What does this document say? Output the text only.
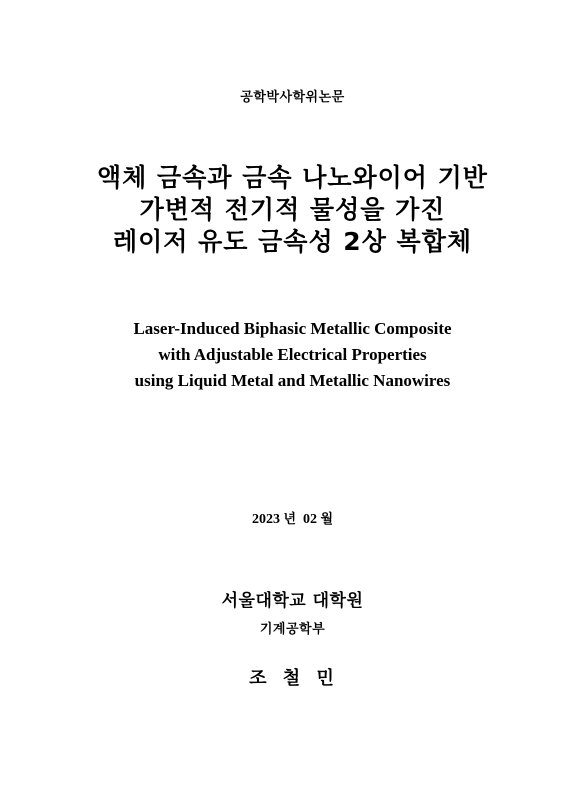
공학박사학위논문
액체 금속과 금속 나노와이어 기반
가변적 전기적 물성을 가진
레이저 유도 금속성 2상 복합체
Laser-Induced Biphasic Metallic Composite
with Adjustable Electrical Properties
using Liquid Metal and Metallic Nanowires
2023 년 02 월
서울대학교 대학원
기계공학부
조 철 민
